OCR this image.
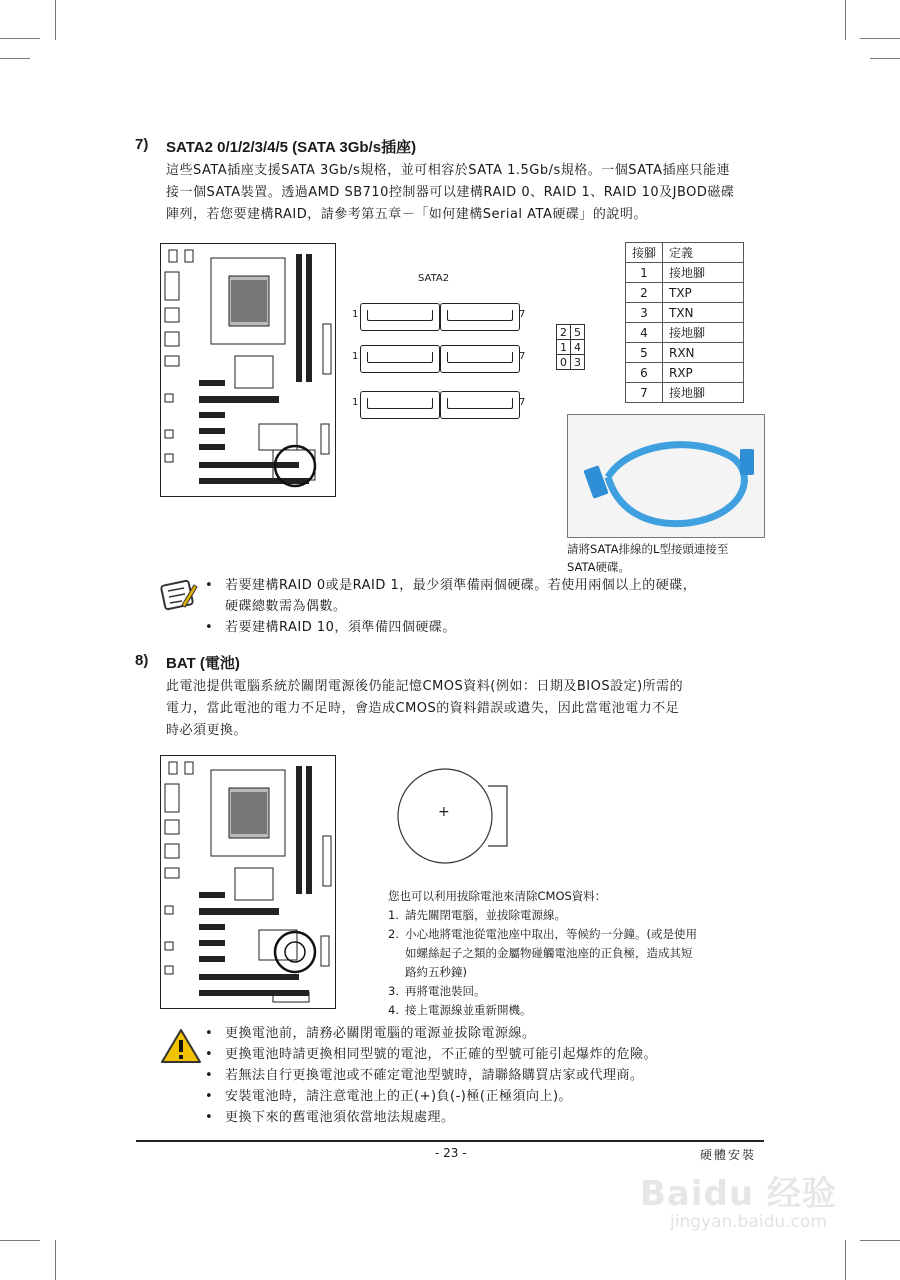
7) SATA2 0/1/2/3/4/5 (SATA 3Gb/s插座)
這些SATA插座支援SATA 3Gb/s規格，並可相容於SATA 1.5Gb/s規格。一個SATA插座只能連
接一個SATA裝置。透過AMD SB710控制器可以建構RAID 0、RAID 1、RAID 10及JBOD磁碟
陣列，若您要建構RAID，請參考第五章－「如何建構Serial ATA硬碟」的說明。
SATA2
1	7
1	7
1	7
2	5
1	4
0	3
接腳	定義
1	接地腳
2	TXP
3	TXN
4	接地腳
5	RXN
6	RXP
7	接地腳
請將SATA排線的L型接頭連接至
SATA硬碟。
• 若要建構RAID 0或是RAID 1，最少須準備兩個硬碟。若使用兩個以上的硬碟，
硬碟總數需為偶數。
• 若要建構RAID 10，須準備四個硬碟。
8) BAT (電池)
此電池提供電腦系統於關閉電源後仍能記憶CMOS資料(例如：日期及BIOS設定)所需的
電力，當此電池的電力不足時，會造成CMOS的資料錯誤或遺失，因此當電池電力不足
時必須更換。
+
您也可以利用拔除電池來清除CMOS資料：
1. 請先關閉電腦，並拔除電源線。
2. 小心地將電池從電池座中取出，等候約一分鐘。(或是使用
如螺絲起子之類的金屬物碰觸電池座的正負極，造成其短
路約五秒鐘)
3. 再將電池裝回。
4. 接上電源線並重新開機。
• 更換電池前，請務必關閉電腦的電源並拔除電源線。
• 更換電池時請更換相同型號的電池，不正確的型號可能引起爆炸的危險。
• 若無法自行更換電池或不確定電池型號時，請聯絡購買店家或代理商。
• 安裝電池時，請注意電池上的正(+)負(-)極(正極須向上)。
• 更換下來的舊電池須依當地法規處理。
- 23 -	硬體安裝
Baidu 经验
jingyan.baidu.com
